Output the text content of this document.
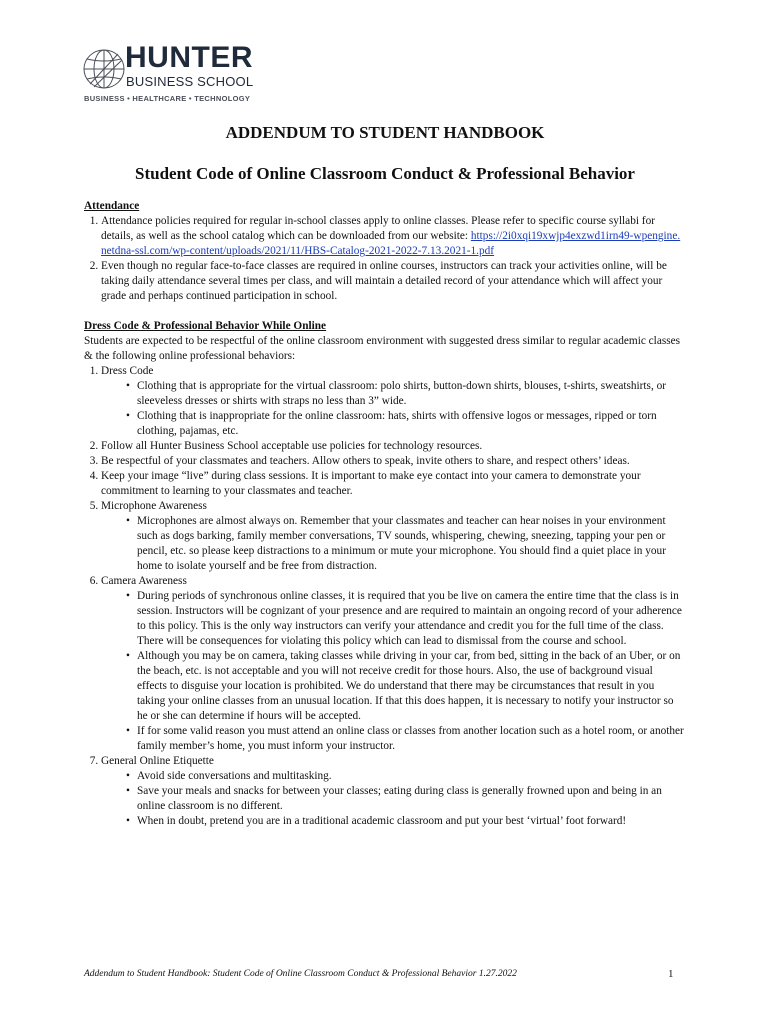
HUNTER
BUSINESS SCHOOL
BUSINESS • HEALTHCARE • TECHNOLOGY
ADDENDUM TO STUDENT HANDBOOK
Student Code of Online Classroom Conduct & Professional Behavior
Attendance
1. Attendance policies required for regular in-school classes apply to online classes. Please refer to specific course syllabi for details, as well as the school catalog which can be downloaded from our website: https://2i0xqi19xwjp4exzwd1irn49-wpengine.netdna-ssl.com/wp-content/uploads/2021/11/HBS-Catalog-2021-2022-7.13.2021-1.pdf
2. Even though no regular face-to-face classes are required in online courses, instructors can track your activities online, will be taking daily attendance several times per class, and will maintain a detailed record of your attendance which will affect your grade and perhaps continued participation in school.
Dress Code & Professional Behavior While Online
Students are expected to be respectful of the online classroom environment with suggested dress similar to regular academic classes & the following online professional behaviors:
1. Dress Code
• Clothing that is appropriate for the virtual classroom: polo shirts, button-down shirts, blouses, t-shirts, sweatshirts, or sleeveless dresses or shirts with straps no less than 3” wide.
• Clothing that is inappropriate for the online classroom: hats, shirts with offensive logos or messages, ripped or torn clothing, pajamas, etc.
2. Follow all Hunter Business School acceptable use policies for technology resources.
3. Be respectful of your classmates and teachers. Allow others to speak, invite others to share, and respect others’ ideas.
4. Keep your image “live” during class sessions. It is important to make eye contact into your camera to demonstrate your commitment to learning to your classmates and teacher.
5. Microphone Awareness
• Microphones are almost always on. Remember that your classmates and teacher can hear noises in your environment such as dogs barking, family member conversations, TV sounds, whispering, chewing, sneezing, tapping your pen or pencil, etc. so please keep distractions to a minimum or mute your microphone. You should find a quiet place in your home to isolate yourself and be free from distraction.
6. Camera Awareness
• During periods of synchronous online classes, it is required that you be live on camera the entire time that the class is in session. Instructors will be cognizant of your presence and are required to maintain an ongoing record of your adherence to this policy. This is the only way instructors can verify your attendance and credit you for the full time of the class. There will be consequences for violating this policy which can lead to dismissal from the course and school.
• Although you may be on camera, taking classes while driving in your car, from bed, sitting in the back of an Uber, or on the beach, etc. is not acceptable and you will not receive credit for those hours. Also, the use of background visual effects to disguise your location is prohibited. We do understand that there may be circumstances that result in you taking your online classes from an unusual location. If that this does happen, it is necessary to notify your instructor so he or she can determine if hours will be accepted.
• If for some valid reason you must attend an online class or classes from another location such as a hotel room, or another family member’s home, you must inform your instructor.
7. General Online Etiquette
• Avoid side conversations and multitasking.
• Save your meals and snacks for between your classes; eating during class is generally frowned upon and being in an online classroom is no different.
• When in doubt, pretend you are in a traditional academic classroom and put your best ‘virtual’ foot forward!
Addendum to Student Handbook: Student Code of Online Classroom Conduct & Professional Behavior 1.27.2022	1
